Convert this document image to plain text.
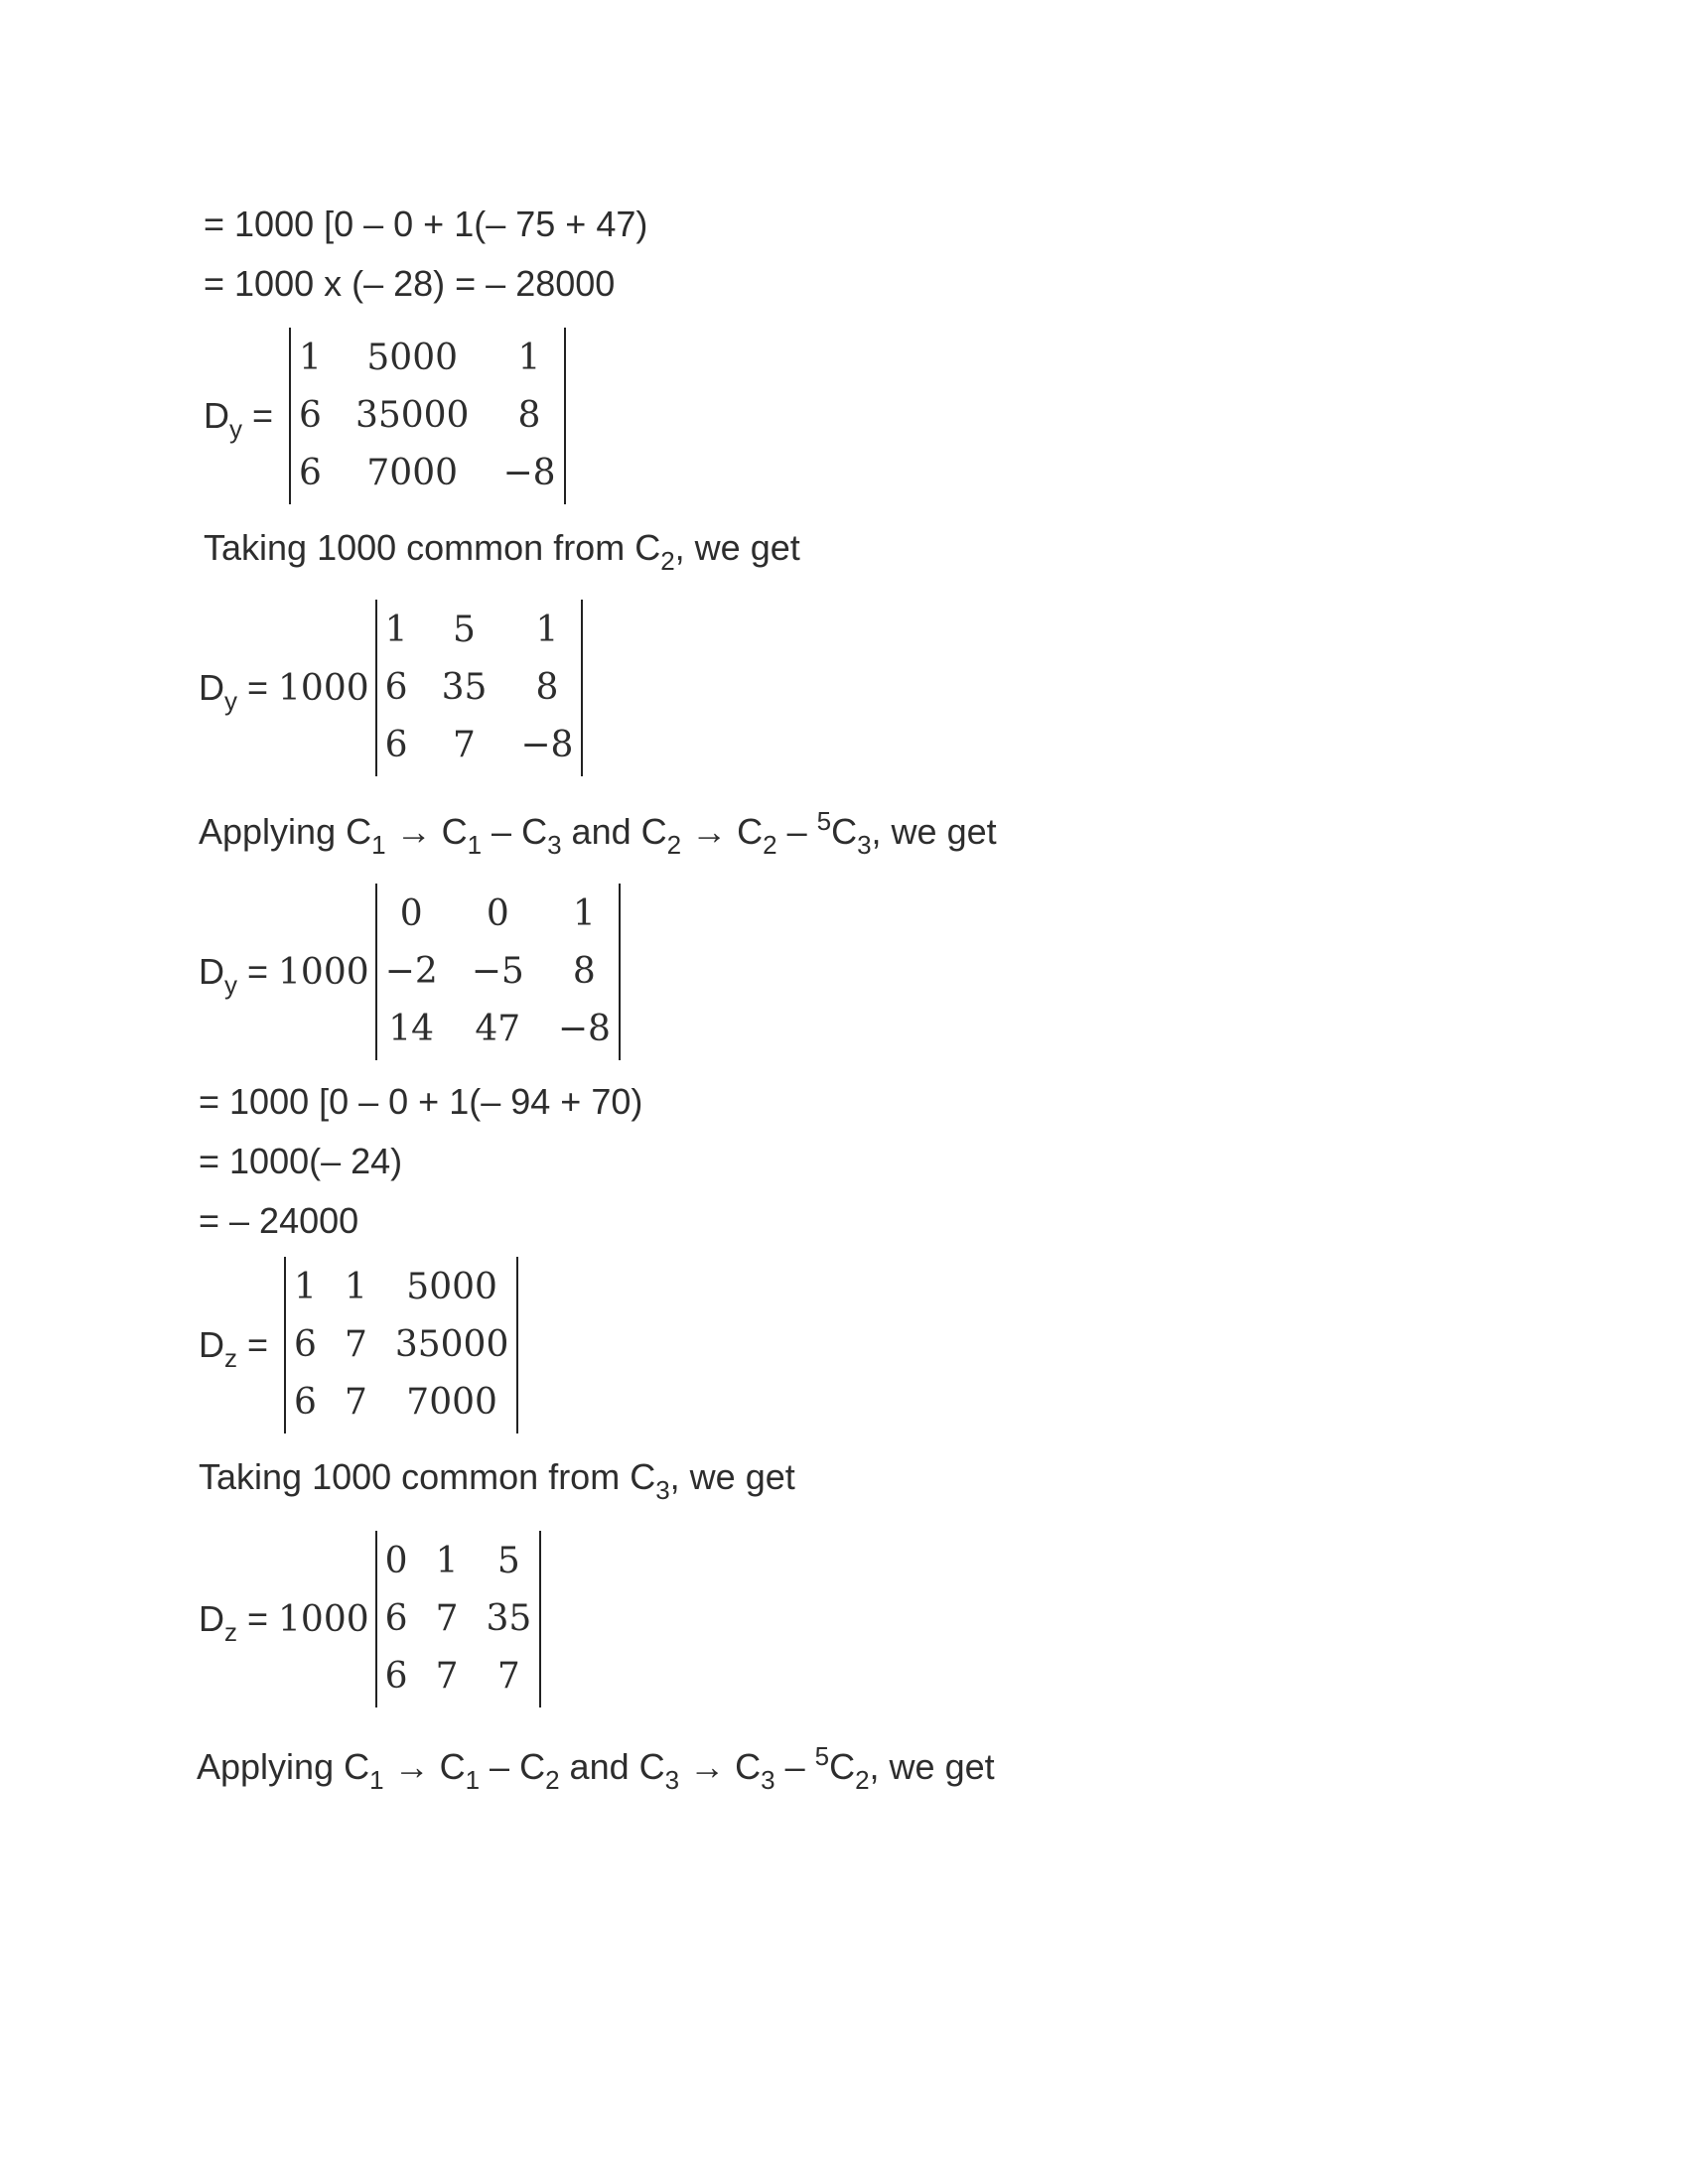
= 1000 [0 – 0 + 1(– 75 + 47)
= 1000 x (– 28) = – 28000
$D_y$ =
1	5000	1
6 35000	8
6	7000	−8
Taking 1000 common from $C_2$, we get
$D_y = 1000$
1	5	1
6 35	8
6	7	−8
Applying $C_1 \to C_1 - C_3$ and $C_2 \to C_2 - ^5C_3$, we get
$D_y = 1000$
0	0	1
−2 −5	8
14 47 −8
= 1000 [0 – 0 + 1(– 94 + 70)
= 1000(– 24)
= – 24000
$D_z$ =
1 1	5000
6 7 35000
6 7	7000
Taking 1000 common from $C_3$, we get
$D_z = 1000$
0 1	5
6 7 35
6 7	7
Applying $C_1 \to C_1 - C_2$ and $C_3 \to C_3 - ^5C_2$, we get
